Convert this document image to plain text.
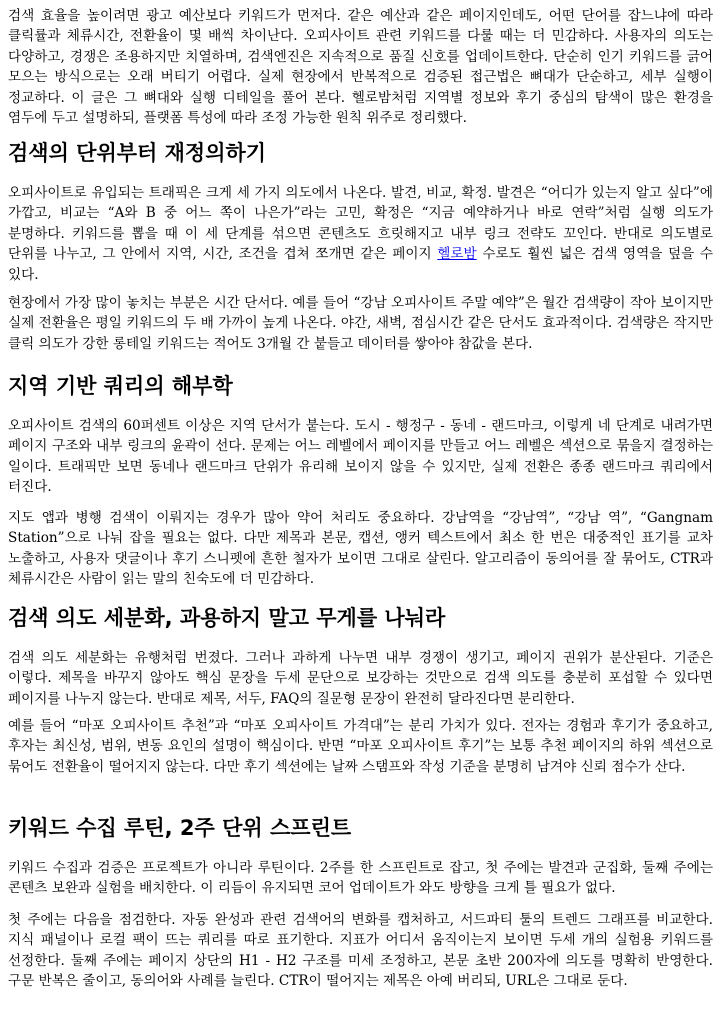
검색 효율을 높이려면 광고 예산보다 키워드가 먼저다. 같은 예산과 같은 페이지인데도, 어떤 단어를 잡느냐에 따라 클릭률과 체류시간, 전환율이 몇 배씩 차이난다. 오피사이트 관련 키워드를 다룰 때는 더 민감하다. 사용자의 의도는 다양하고, 경쟁은 조용하지만 치열하며, 검색엔진은 지속적으로 품질 신호를 업데이트한다. 단순히 인기 키워드를 긁어 모으는 방식으로는 오래 버티기 어렵다. 실제 현장에서 반복적으로 검증된 접근법은 뼈대가 단순하고, 세부 실행이 정교하다. 이 글은 그 뼈대와 실행 디테일을 풀어 본다. 헬로밤처럼 지역별 정보와 후기 중심의 탐색이 많은 환경을 염두에 두고 설명하되, 플랫폼 특성에 따라 조정 가능한 원칙 위주로 정리했다.

검색의 단위부터 재정의하기

오피사이트로 유입되는 트래픽은 크게 세 가지 의도에서 나온다. 발견, 비교, 확정. 발견은 “어디가 있는지 알고 싶다”에 가깝고, 비교는 “A와 B 중 어느 쪽이 나은가”라는 고민, 확정은 “지금 예약하거나 바로 연락”처럼 실행 의도가 분명하다. 키워드를 뽑을 때 이 세 단계를 섞으면 콘텐츠도 흐릿해지고 내부 링크 전략도 꼬인다. 반대로 의도별로 단위를 나누고, 그 안에서 지역, 시간, 조건을 겹쳐 쪼개면 같은 페이지 헬로밤 수로도 훨씬 넓은 검색 영역을 덮을 수 있다.

현장에서 가장 많이 놓치는 부분은 시간 단서다. 예를 들어 “강남 오피사이트 주말 예약”은 월간 검색량이 작아 보이지만 실제 전환율은 평일 키워드의 두 배 가까이 높게 나온다. 야간, 새벽, 점심시간 같은 단서도 효과적이다. 검색량은 작지만 클릭 의도가 강한 롱테일 키워드는 적어도 3개월 간 붙들고 데이터를 쌓아야 참값을 본다.

지역 기반 쿼리의 해부학

오피사이트 검색의 60퍼센트 이상은 지역 단서가 붙는다. 도시 - 행정구 - 동네 - 랜드마크, 이렇게 네 단계로 내려가면 페이지 구조와 내부 링크의 윤곽이 선다. 문제는 어느 레벨에서 페이지를 만들고 어느 레벨은 섹션으로 묶을지 결정하는 일이다. 트래픽만 보면 동네나 랜드마크 단위가 유리해 보이지 않을 수 있지만, 실제 전환은 종종 랜드마크 쿼리에서 터진다.

지도 앱과 병행 검색이 이뤄지는 경우가 많아 약어 처리도 중요하다. 강남역을 “강남역”, “강남 역”, “Gangnam Station”으로 나눠 잡을 필요는 없다. 다만 제목과 본문, 캡션, 앵커 텍스트에서 최소 한 번은 대중적인 표기를 교차 노출하고, 사용자 댓글이나 후기 스니펫에 흔한 철자가 보이면 그대로 살린다. 알고리즘이 동의어를 잘 묶어도, CTR과 체류시간은 사람이 읽는 말의 친숙도에 더 민감하다.

검색 의도 세분화, 과용하지 말고 무게를 나눠라

검색 의도 세분화는 유행처럼 번졌다. 그러나 과하게 나누면 내부 경쟁이 생기고, 페이지 권위가 분산된다. 기준은 이렇다. 제목을 바꾸지 않아도 핵심 문장을 두세 문단으로 보강하는 것만으로 검색 의도를 충분히 포섭할 수 있다면 페이지를 나누지 않는다. 반대로 제목, 서두, FAQ의 질문형 문장이 완전히 달라진다면 분리한다.

예를 들어 “마포 오피사이트 추천”과 “마포 오피사이트 가격대”는 분리 가치가 있다. 전자는 경험과 후기가 중요하고, 후자는 최신성, 범위, 변동 요인의 설명이 핵심이다. 반면 “마포 오피사이트 후기”는 보통 추천 페이지의 하위 섹션으로 묶어도 전환율이 떨어지지 않는다. 다만 후기 섹션에는 날짜 스탬프와 작성 기준을 분명히 남겨야 신뢰 점수가 산다.

키워드 수집 루틴, 2주 단위 스프린트

키워드 수집과 검증은 프로젝트가 아니라 루틴이다. 2주를 한 스프린트로 잡고, 첫 주에는 발견과 군집화, 둘째 주에는 콘텐츠 보완과 실험을 배치한다. 이 리듬이 유지되면 코어 업데이트가 와도 방향을 크게 틀 필요가 없다.

첫 주에는 다음을 점검한다. 자동 완성과 관련 검색어의 변화를 캡처하고, 서드파티 툴의 트렌드 그래프를 비교한다. 지식 패널이나 로컬 팩이 뜨는 쿼리를 따로 표기한다. 지표가 어디서 움직이는지 보이면 두세 개의 실험용 키워드를 선정한다. 둘째 주에는 페이지 상단의 H1 - H2 구조를 미세 조정하고, 본문 초반 200자에 의도를 명확히 반영한다. 구문 반복은 줄이고, 동의어와 사례를 늘린다. CTR이 떨어지는 제목은 아예 버리되, URL은 그대로 둔다.
